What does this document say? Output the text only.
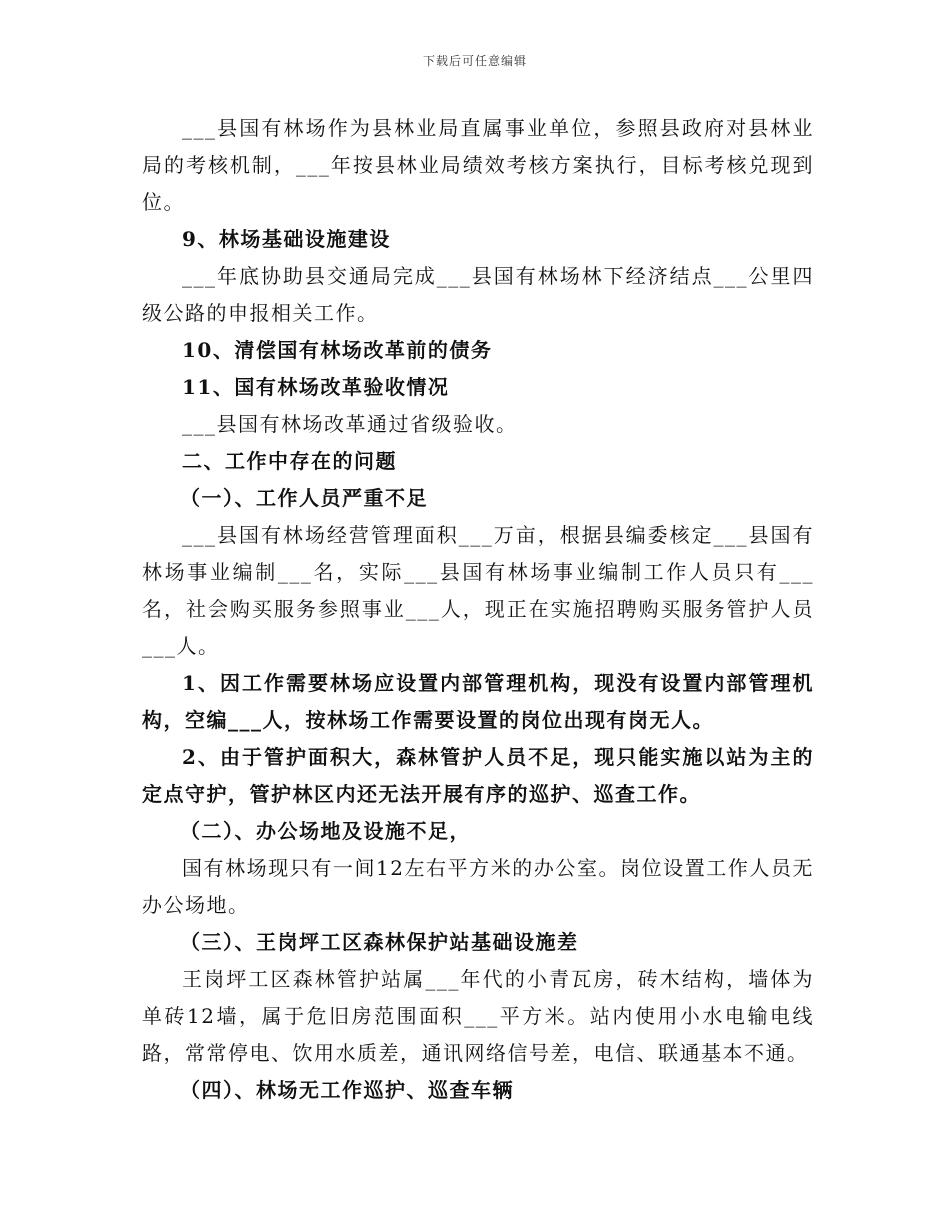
下载后可任意编辑

___县国有林场作为县林业局直属事业单位，参照县政府对县林业局的考核机制，___年按县林业局绩效考核方案执行，目标考核兑现到位。

9、林场基础设施建设

___年底协助县交通局完成___县国有林场林下经济结点___公里四级公路的申报相关工作。

10、清偿国有林场改革前的债务

11、国有林场改革验收情况

___县国有林场改革通过省级验收。

二、工作中存在的问题

（一）、工作人员严重不足

___县国有林场经营管理面积___万亩，根据县编委核定___县国有林场事业编制___名，实际___县国有林场事业编制工作人员只有___名，社会购买服务参照事业___人，现正在实施招聘购买服务管护人员___人。

1、因工作需要林场应设置内部管理机构，现没有设置内部管理机构，空编___人，按林场工作需要设置的岗位出现有岗无人。

2、由于管护面积大，森林管护人员不足，现只能实施以站为主的定点守护，管护林区内还无法开展有序的巡护、巡查工作。

（二）、办公场地及设施不足，

国有林场现只有一间12左右平方米的办公室。岗位设置工作人员无办公场地。

（三）、王岗坪工区森林保护站基础设施差

王岗坪工区森林管护站属___年代的小青瓦房，砖木结构，墙体为单砖12墙，属于危旧房范围面积___平方米。站内使用小水电输电线路，常常停电、饮用水质差，通讯网络信号差，电信、联通基本不通。

（四）、林场无工作巡护、巡查车辆
